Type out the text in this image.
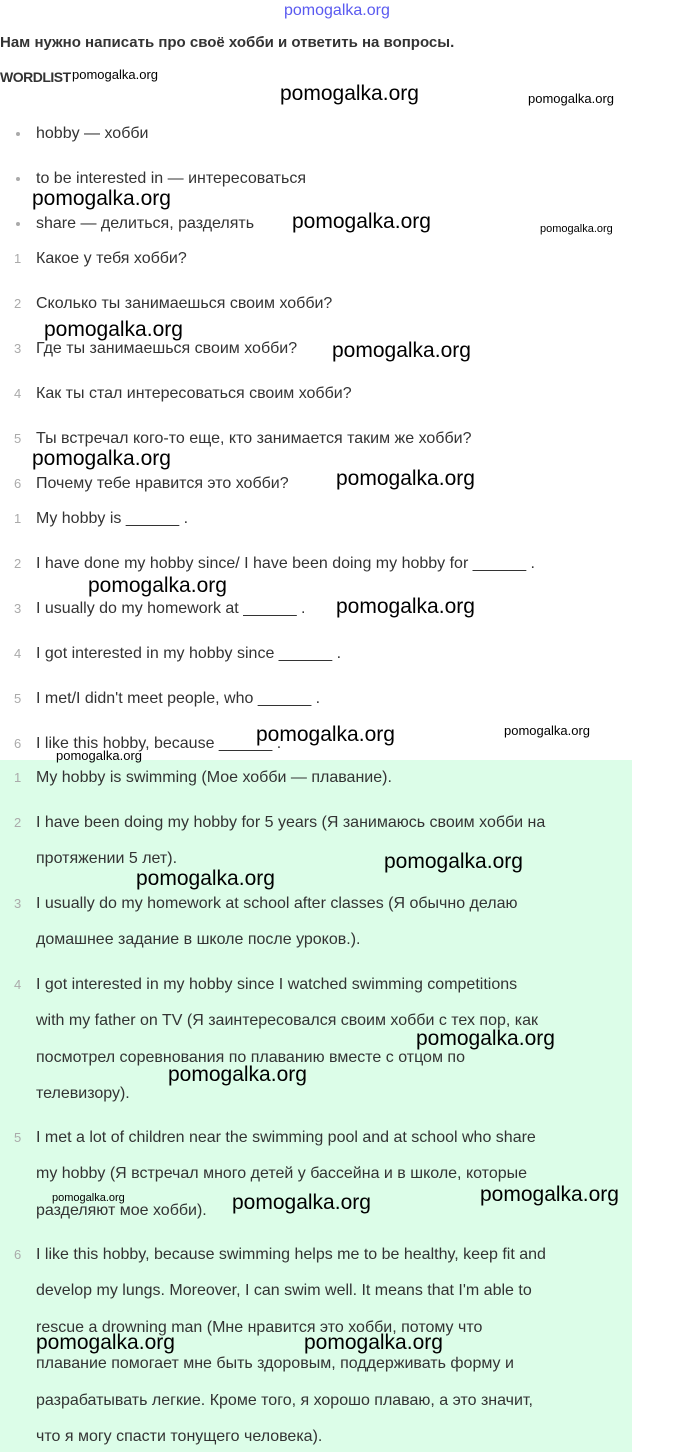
pomogalka.org
Нам нужно написать про своё хобби и ответить на вопросы.
WORDLIST
hobby — хобби
to be interested in — интересоваться
share — делиться, разделять
1 Какое у тебя хобби?
2 Сколько ты занимаешься своим хобби?
3 Где ты занимаешься своим хобби?
4 Как ты стал интересоваться своим хобби?
5 Ты встречал кого-то еще, кто занимается таким же хобби?
6 Почему тебе нравится это хобби?
1 My hobby is ______ .
2 I have done my hobby since/ I have been doing my hobby for ______ .
3 I usually do my homework at ______ .
4 I got interested in my hobby since ______ .
5 I met/I didn't meet people, who ______ .
6 I like this hobby, because ______ .
1 My hobby is swimming (Мое хобби — плавание).
2 I have been doing my hobby for 5 years (Я занимаюсь своим хобби на
протяжении 5 лет).
3 I usually do my homework at school after classes (Я обычно делаю
домашнее задание в школе после уроков.).
4 I got interested in my hobby since I watched swimming competitions
with my father on TV (Я заинтересовался своим хобби с тех пор, как
посмотрел соревнования по плаванию вместе с отцом по
телевизору).
5 I met a lot of children near the swimming pool and at school who share
my hobby (Я встречал много детей у бассейна и в школе, которые
разделяют мое хобби).
6 I like this hobby, because swimming helps me to be healthy, keep fit and
develop my lungs. Moreover, I can swim well. It means that I'm able to
rescue a drowning man (Мне нравится это хобби, потому что
плавание помогает мне быть здоровым, поддерживать форму и
разрабатывать легкие. Кроме того, я хорошо плаваю, а это значит,
что я могу спасти тонущего человека).
pomogalka.org
pomogalka.org	pomogalka.org
pomogalka.org
pomogalka.org	pomogalka.org
pomogalka.org
pomogalka.org
pomogalka.org
pomogalka.org
pomogalka.org
pomogalka.org
pomogalka.org	pomogalka.org
pomogalka.org
pomogalka.org
pomogalka.org
pomogalka.org
pomogalka.org
pomogalka.org
pomogalka.org	pomogalka.org
pomogalka.org	pomogalka.org
